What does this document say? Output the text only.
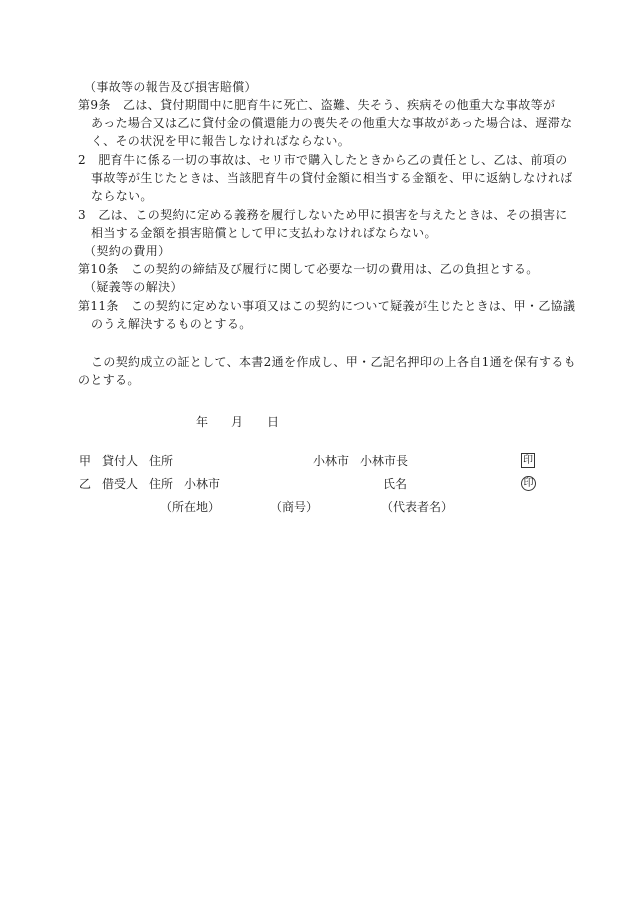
（事故等の報告及び損害賠償）
第9条　乙は、貸付期間中に肥育牛に死亡、盗難、失そう、疾病その他重大な事故等が
あった場合又は乙に貸付金の償還能力の喪失その他重大な事故があった場合は、遅滞な
く、その状況を甲に報告しなければならない。
2　肥育牛に係る一切の事故は、セリ市で購入したときから乙の責任とし、乙は、前項の
事故等が生じたときは、当該肥育牛の貸付金額に相当する金額を、甲に返納しなければ
ならない。
3　乙は、この契約に定める義務を履行しないため甲に損害を与えたときは、その損害に
相当する金額を損害賠償として甲に支払わなければならない。
（契約の費用）
第10条　この契約の締結及び履行に関して必要な一切の費用は、乙の負担とする。
（疑義等の解決）
第11条　この契約に定めない事項又はこの契約について疑義が生じたときは、甲・乙協議
のうえ解決するものとする。
この契約成立の証として、本書2通を作成し、甲・乙記名押印の上各自1通を保有するも
のとする。
年 月 日
甲 貸付人 住所	小林市 小林市長	印
乙 借受人 住所 小林市	氏名	印
（所在地）	（商号）	（代表者名）
